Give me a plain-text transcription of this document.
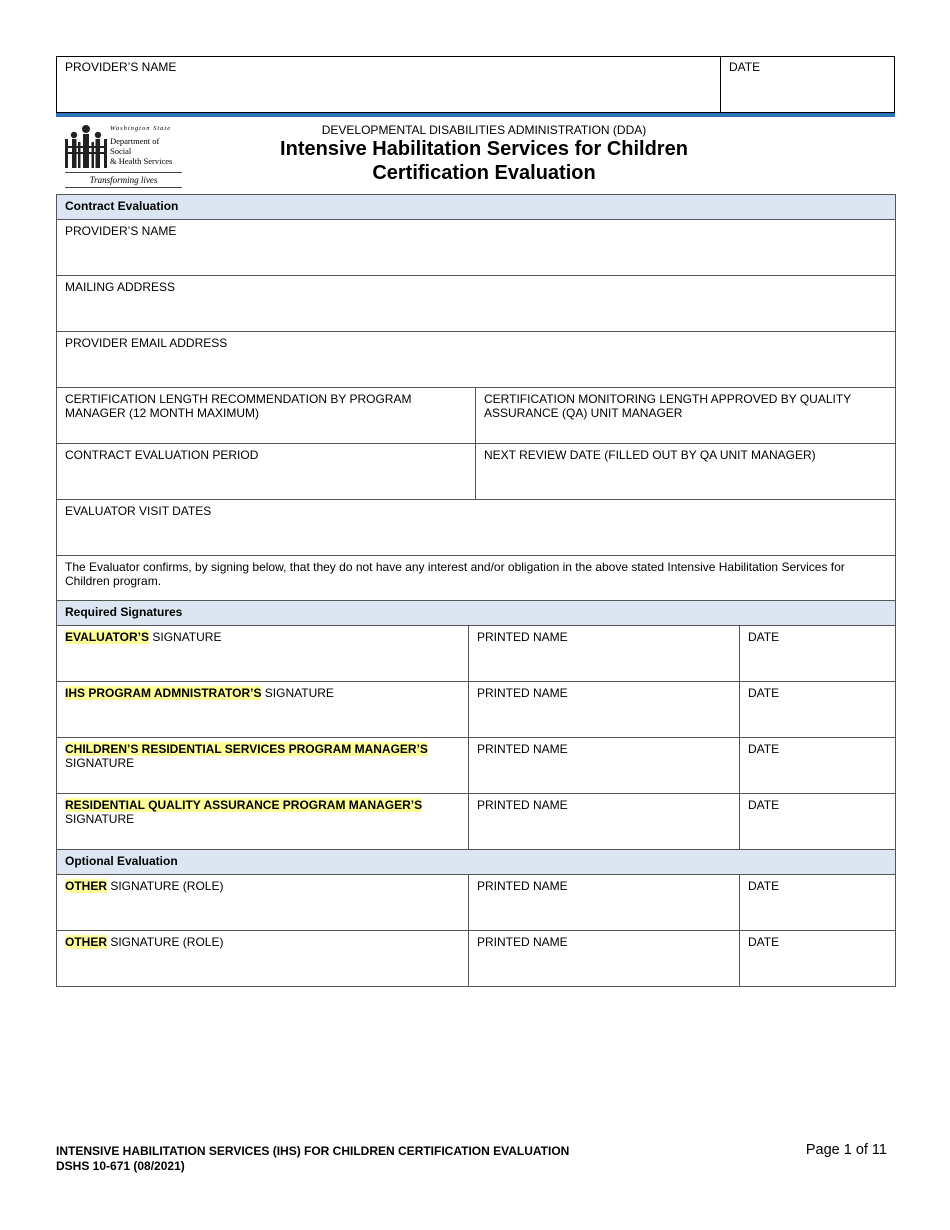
PROVIDER’S NAME	DATE
Washington State
Department of Social
& Health Services
Transforming lives
DEVELOPMENTAL DISABILITIES ADMINISTRATION (DDA)
Intensive Habilitation Services for Children
Certification Evaluation
Contract Evaluation	
PROVIDER’S NAME	
MAILING ADDRESS	
PROVIDER EMAIL ADDRESS	
CERTIFICATION LENGTH RECOMMENDATION BY PROGRAM MANAGER (12 MONTH MAXIMUM)	CERTIFICATION MONITORING LENGTH APPROVED BY QUALITY ASSURANCE (QA) UNIT MANAGER
CONTRACT EVALUATION PERIOD	NEXT REVIEW DATE (FILLED OUT BY QA UNIT MANAGER)
EVALUATOR VISIT DATES	
The Evaluator confirms, by signing below, that they do not have any interest and/or obligation in the above stated Intensive Habilitation Services for Children program.	
Required Signatures		
EVALUATOR’S SIGNATURE	PRINTED NAME	DATE
IHS PROGRAM ADMNISTRATOR’S SIGNATURE	PRINTED NAME	DATE
CHILDREN’S RESIDENTIAL SERVICES PROGRAM MANAGER’S
SIGNATURE	PRINTED NAME	DATE
RESIDENTIAL QUALITY ASSURANCE PROGRAM MANAGER’S
SIGNATURE	PRINTED NAME	DATE
Optional Evaluation		
OTHER SIGNATURE (ROLE)	PRINTED NAME	DATE
OTHER SIGNATURE (ROLE)	PRINTED NAME	DATE
INTENSIVE HABILITATION SERVICES (IHS) FOR CHILDREN CERTIFICATION EVALUATION
DSHS 10-671 (08/2021)
Page 1 of 11
